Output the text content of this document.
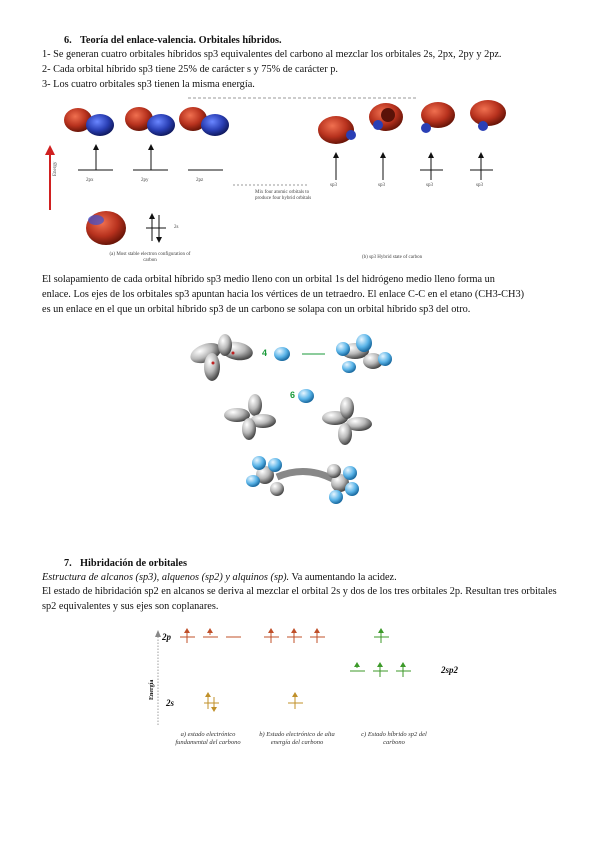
6. Teoría del enlace-valencia. Orbitales híbridos.
1- Se generan cuatro orbitales híbridos sp3 equivalentes del carbono al mezclar los orbitales 2s, 2px, 2py y 2pz.
2- Cada orbital híbrido sp3 tiene 25% de carácter s y 75% de carácter p.
3- Los cuatro orbitales sp3 tienen la misma energía.
Energy
2px	2py	2pz
2s
sp3	sp3	sp3	sp3
Mix four atomic orbitals to produce four hybrid orbitals
(a) Most stable electron configuration of carbon
(b) sp3 Hybrid state of carbon
El solapamiento de cada orbital híbrido sp3 medio lleno con un orbital 1s del hidrógeno medio lleno forma un
enlace. Los ejes de los orbitales sp3 apuntan hacia los vértices de un tetraedro. El enlace C-C en el etano (CH3-CH3)
es un enlace en el que un orbital híbrido sp3 de un carbono se solapa con un orbital híbrido sp3 del otro.
4
6
7. Hibridación de orbitales
Estructura de alcanos (sp3), alquenos (sp2) y alquinos (sp). Va aumentando la acidez.
El estado de hibridación sp2 en alcanos se deriva al mezclar el orbital 2s y dos de los tres orbitales 2p. Resultan tres orbitales
sp2 equivalentes y sus ejes son coplanares.
2p
2s
Energía
2sp2
a) estado electrónico fundamental del carbono
b) Estado electrónico de alta energía del carbono
c) Estado híbrido sp2 del carbono
